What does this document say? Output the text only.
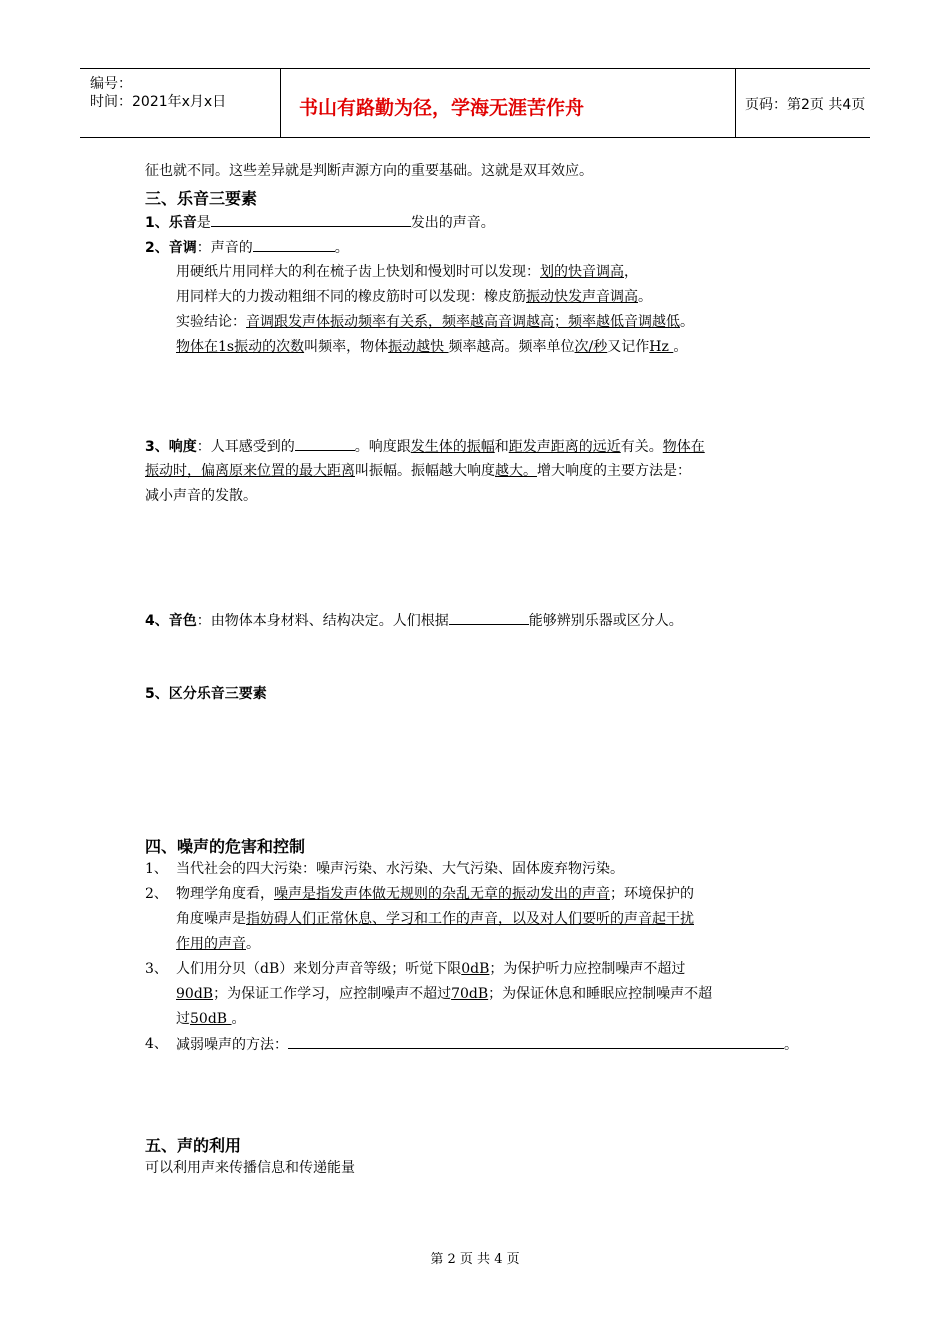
编号：
时间：2021年x月x日	书山有路勤为径，学海无涯苦作舟	页码：第2页 共4页
征也就不同。这些差异就是判断声源方向的重要基础。这就是双耳效应。
三、乐音三要素
1、乐音是	发出的声音。
2、音调：声音的	。
用硬纸片用同样大的利在梳子齿上快划和慢划时可以发现：划的快音调高，
用同样大的力拨动粗细不同的橡皮筋时可以发现：橡皮筋振动快发声音调高。
实验结论：音调跟发声体振动频率有关系，频率越高音调越高；频率越低音调越低。
物体在1s振动的次数叫频率，物体振动越快 频率越高。频率单位次/秒又记作Hz 。
3、响度：人耳感受到的	。响度跟发生体的振幅和距发声距离的远近有关。物体在
振动时，偏离原来位置的最大距离叫振幅。振幅越大响度越大。增大响度的主要方法是：
减小声音的发散。
4、音色：由物体本身材料、结构决定。人们根据	能够辨别乐器或区分人。
5、区分乐音三要素
四、噪声的危害和控制
1、 当代社会的四大污染：噪声污染、水污染、大气污染、固体废弃物污染。
2、 物理学角度看，噪声是指发声体做无规则的杂乱无章的振动发出的声音；环境保护的
角度噪声是指妨碍人们正常休息、学习和工作的声音，以及对人们要听的声音起干扰
作用的声音。
3、 人们用分贝（dB）来划分声音等级；听觉下限0dB；为保护听力应控制噪声不超过
90dB；为保证工作学习，应控制噪声不超过70dB；为保证休息和睡眠应控制噪声不超
过50dB 。
4、 减弱噪声的方法：	。
五、声的利用
可以利用声来传播信息和传递能量
第 2 页 共 4 页
